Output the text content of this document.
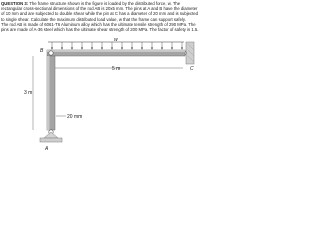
QUESTION 3: The frame structure shown is the figure is loaded by the distributed force, w. The rectangular cross-sectional dimensions of the rod AB is 20x5 mm. The pins at A and B have the diameter of 10 mm and are subjected to double shear while the pin at C has a diameter of 20 mm and is subjected to single shear. Calculate the maximum distributed load value, w that the frame can support safely.
The rod AB is made of 6061-T6 Aluminum alloy which has the ultimate tensile strength of 290 MPa. The pins are made of A-36 steel which has the ultimate shear strength of 200 MPa. The factor of safety is 1.5.
w
B
C
5 m
3 m
20 mm
A
